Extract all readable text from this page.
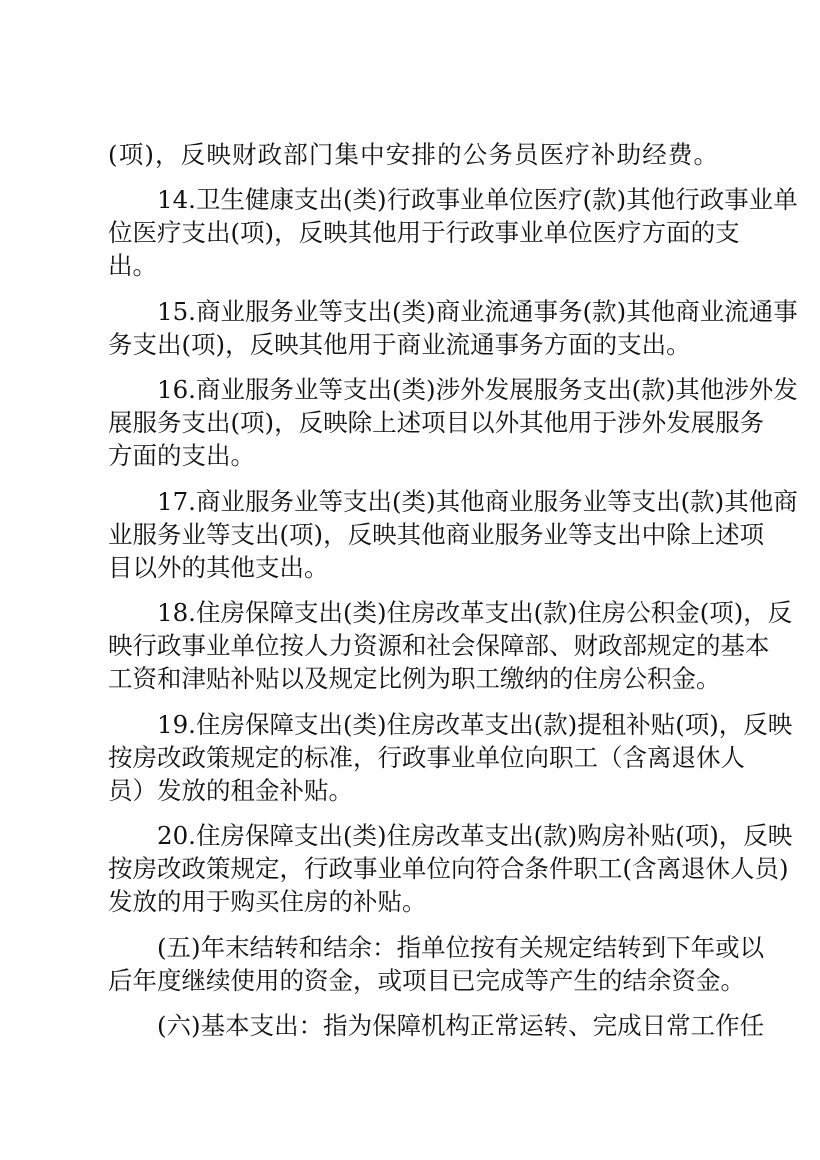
(项)，反映财政部门集中安排的公务员医疗补助经费。
14.卫生健康支出(类)行政事业单位医疗(款)其他行政事业单
位医疗支出(项)，反映其他用于行政事业单位医疗方面的支
出。
15.商业服务业等支出(类)商业流通事务(款)其他商业流通事
务支出(项)，反映其他用于商业流通事务方面的支出。
16.商业服务业等支出(类)涉外发展服务支出(款)其他涉外发
展服务支出(项)，反映除上述项目以外其他用于涉外发展服务
方面的支出。
17.商业服务业等支出(类)其他商业服务业等支出(款)其他商
业服务业等支出(项)，反映其他商业服务业等支出中除上述项
目以外的其他支出。
18.住房保障支出(类)住房改革支出(款)住房公积金(项)，反
映行政事业单位按人力资源和社会保障部、财政部规定的基本
工资和津贴补贴以及规定比例为职工缴纳的住房公积金。
19.住房保障支出(类)住房改革支出(款)提租补贴(项)，反映
按房改政策规定的标准，行政事业单位向职工（含离退休人
员）发放的租金补贴。
20.住房保障支出(类)住房改革支出(款)购房补贴(项)，反映
按房改政策规定，行政事业单位向符合条件职工(含离退休人员)
发放的用于购买住房的补贴。
(五)年末结转和结余：指单位按有关规定结转到下年或以
后年度继续使用的资金，或项目已完成等产生的结余资金。
(六)基本支出：指为保障机构正常运转、完成日常工作任
